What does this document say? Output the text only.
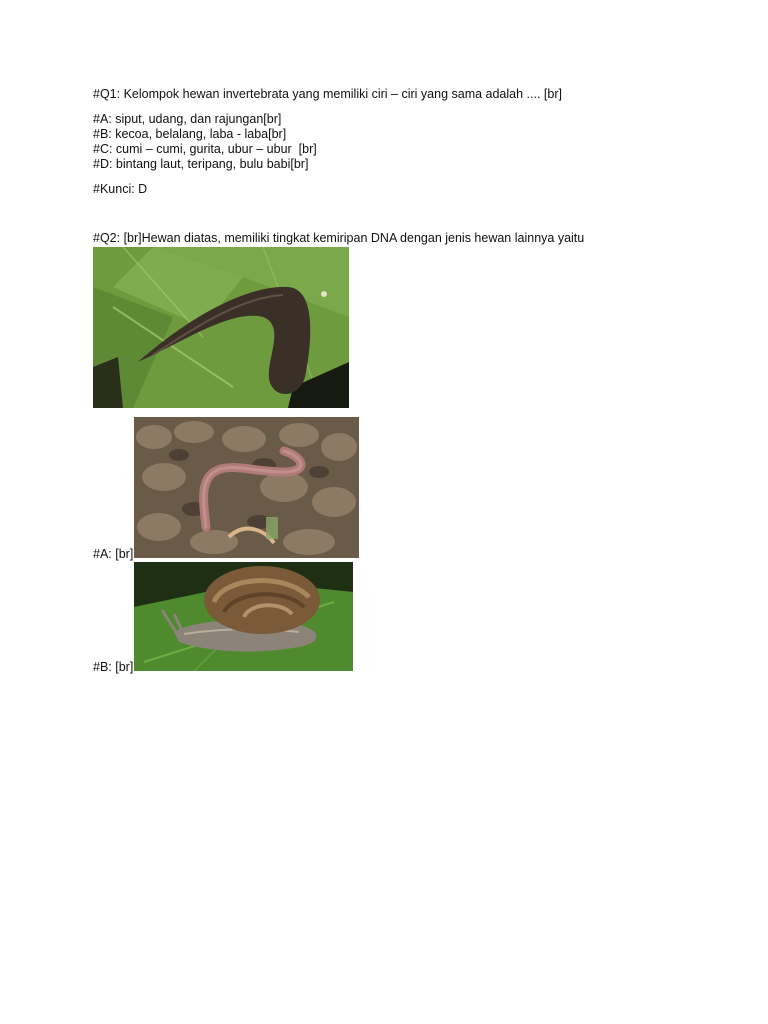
#Q1: Kelompok hewan invertebrata yang memiliki ciri – ciri yang sama adalah .... [br]
#A: siput, udang, dan rajungan[br]
#B: kecoa, belalang, laba - laba[br]
#C: cumi – cumi, gurita, ubur – ubur  [br]
#D: bintang laut, teripang, bulu babi[br]
#Kunci: D
#Q2: [br]Hewan diatas, memiliki tingkat kemiripan DNA dengan jenis hewan lainnya yaitu
#A: [br]
#B: [br]
